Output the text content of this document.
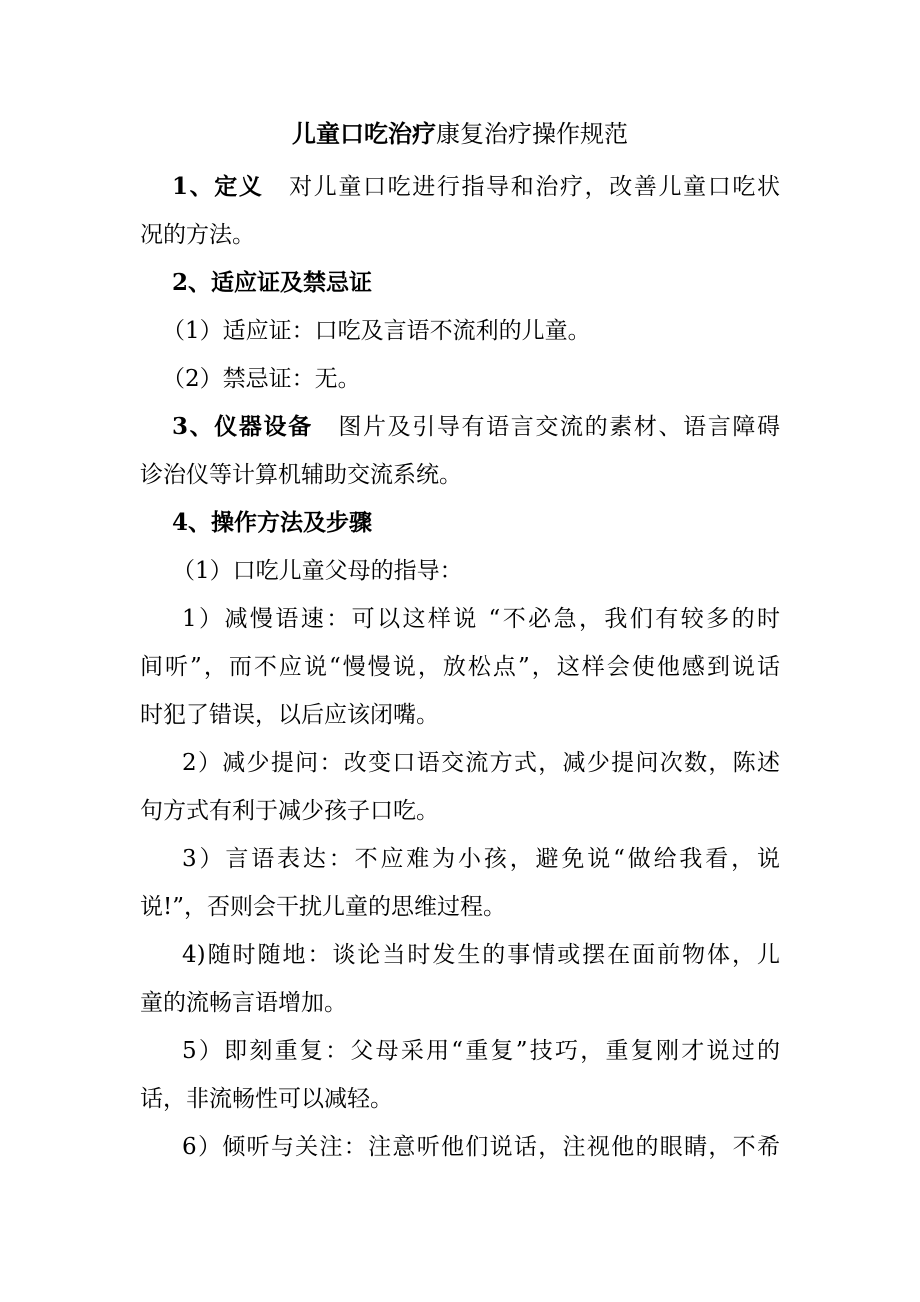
儿童口吃治疗康复治疗操作规范
1、定义 对儿童口吃进行指导和治疗，改善儿童口吃状
况的方法。
2、适应证及禁忌证
（1）适应证：口吃及言语不流利的儿童。
（2）禁忌证：无。
3、仪器设备 图片及引导有语言交流的素材、语言障碍
诊治仪等计算机辅助交流系统。
4、操作方法及步骤
（1）口吃儿童父母的指导：
1）减慢语速：可以这样说 “不必急，我们有较多的时
间听”，而不应说“慢慢说，放松点”，这样会使他感到说话
时犯了错误，以后应该闭嘴。
2）减少提问：改变口语交流方式，减少提问次数，陈述
句方式有利于减少孩子口吃。
3）言语表达：不应难为小孩，避免说“做给我看，说
说!”，否则会干扰儿童的思维过程。
4)随时随地：谈论当时发生的事情或摆在面前物体，儿
童的流畅言语增加。
5）即刻重复：父母采用“重复”技巧，重复刚才说过的
话，非流畅性可以减轻。
6）倾听与关注：注意听他们说话，注视他的眼睛，不希
